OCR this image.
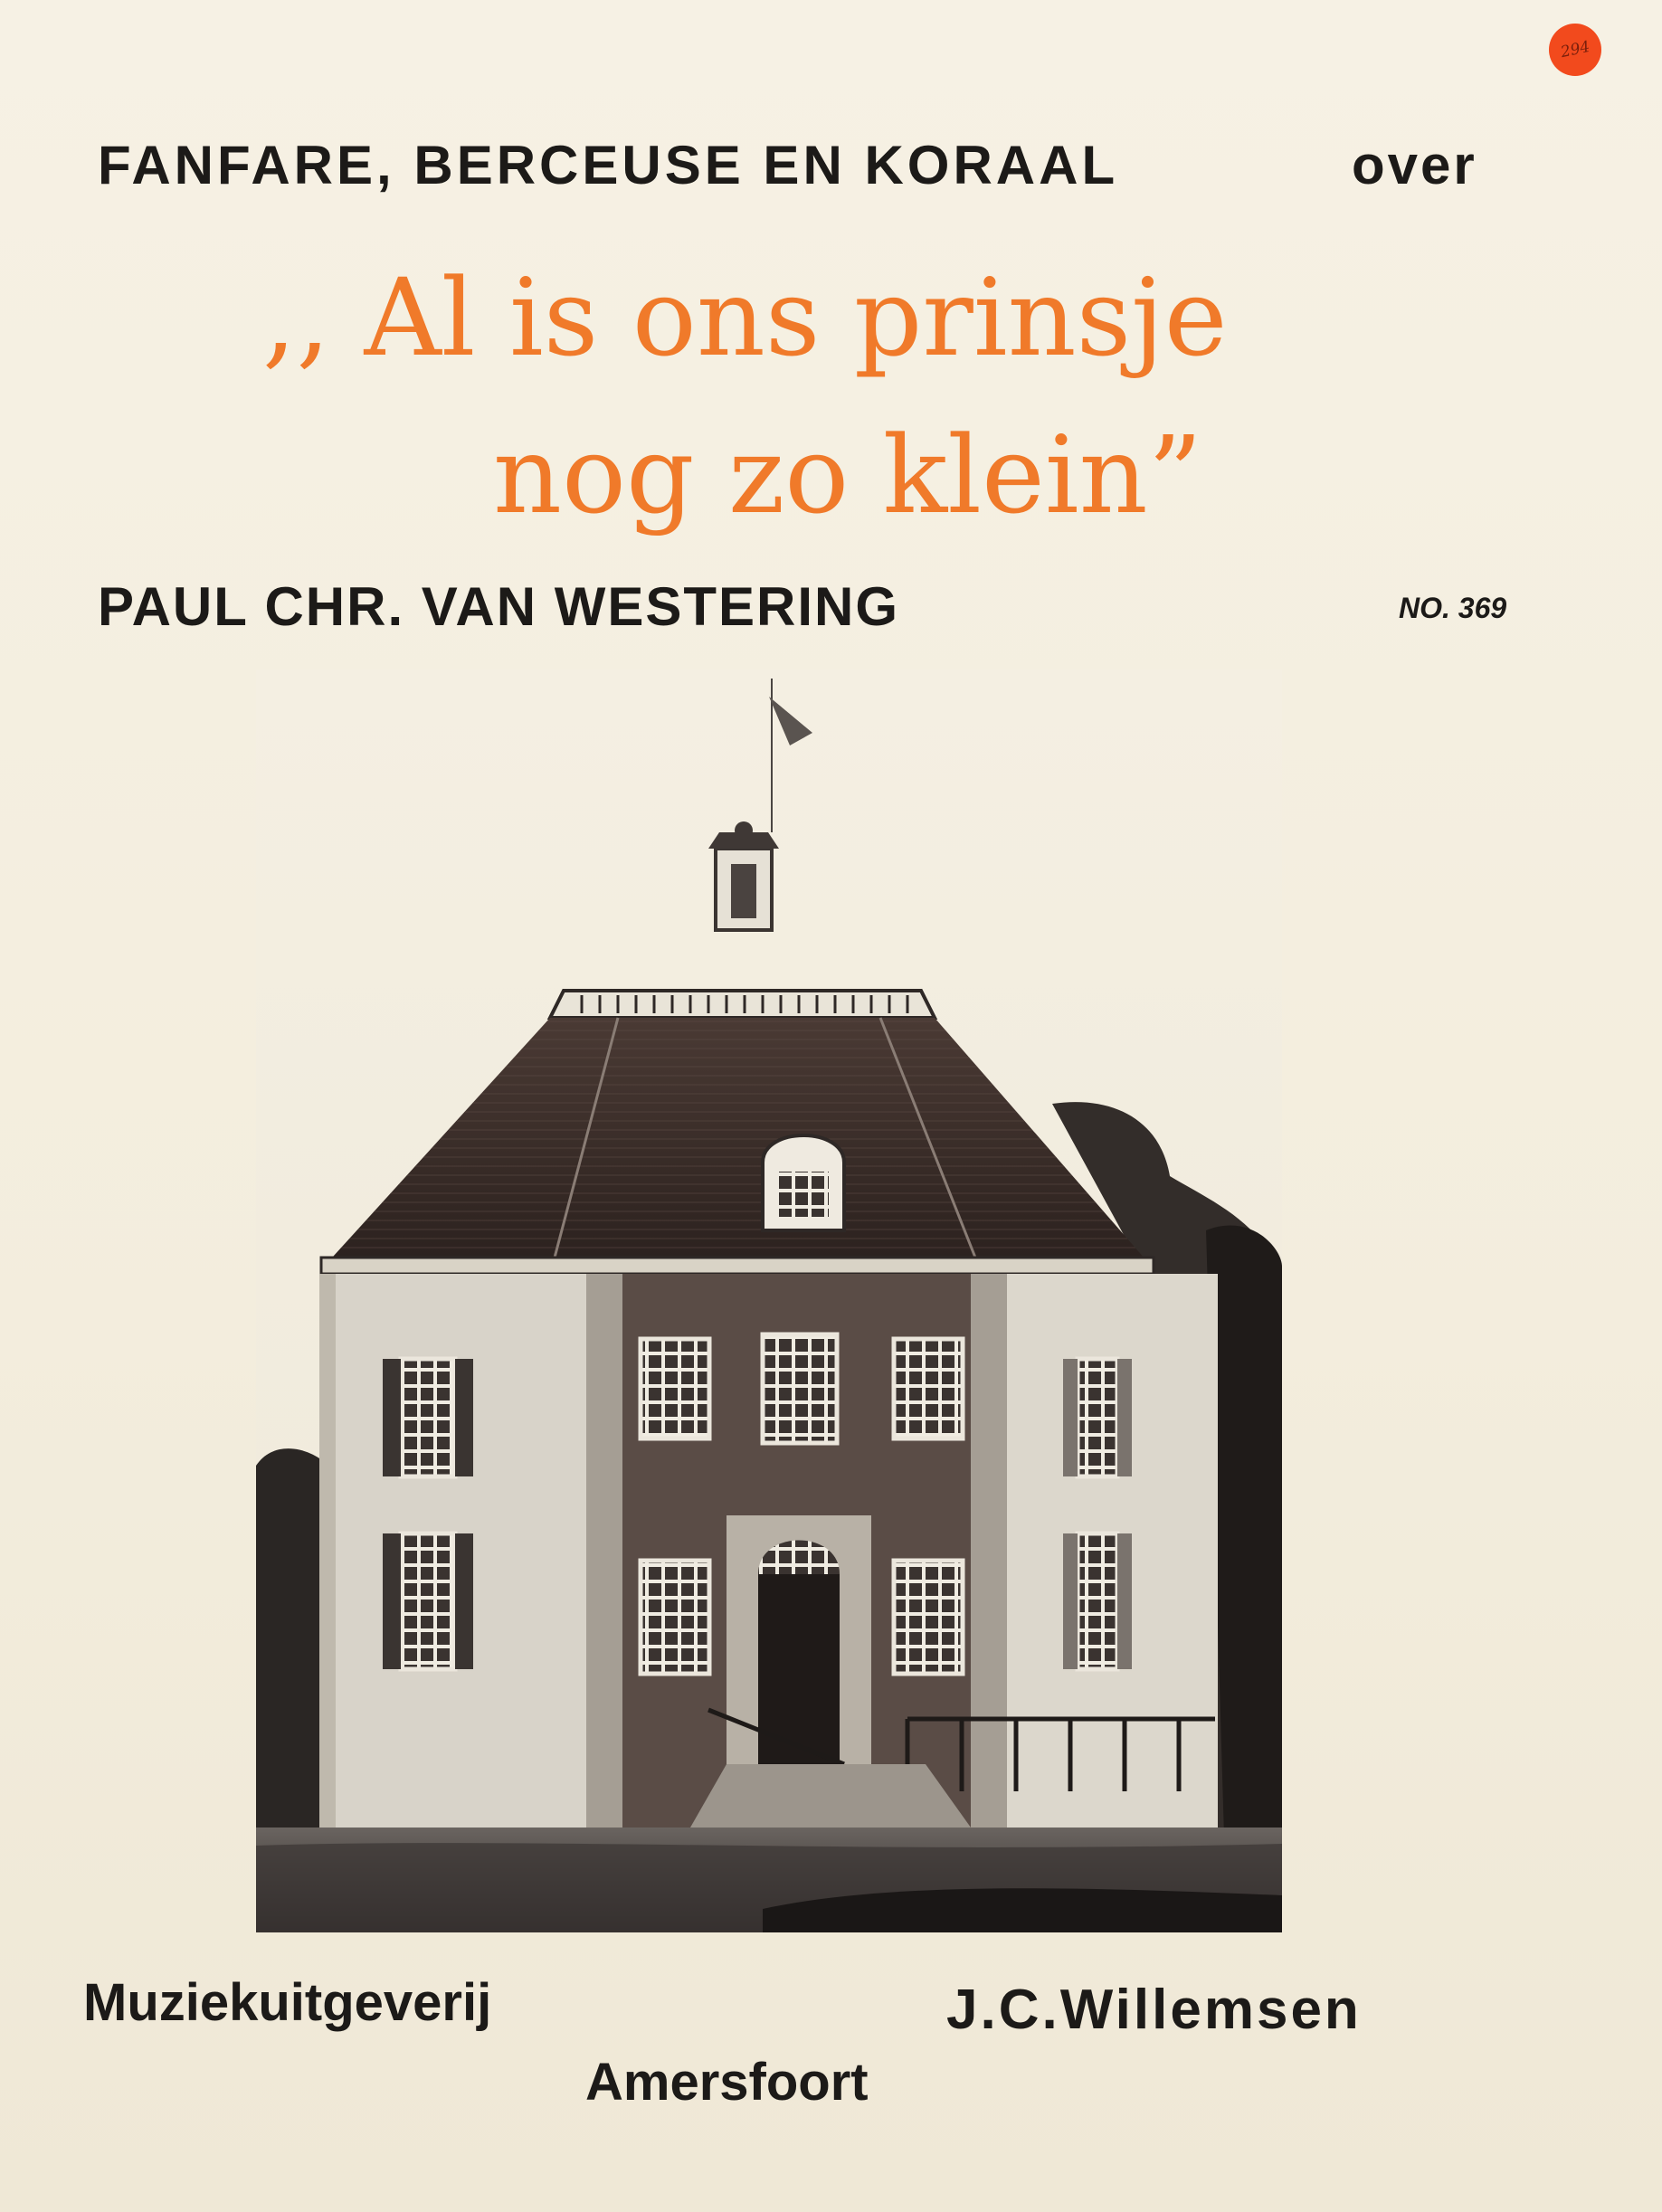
294
FANFARE, BERCEUSE EN KORAAL	over
,, Al is ons prinsje
nog zo klein”
PAUL CHR. VAN WESTERING	NO. 369
Muziekuitgeverij	J.C.Willemsen
Amersfoort
